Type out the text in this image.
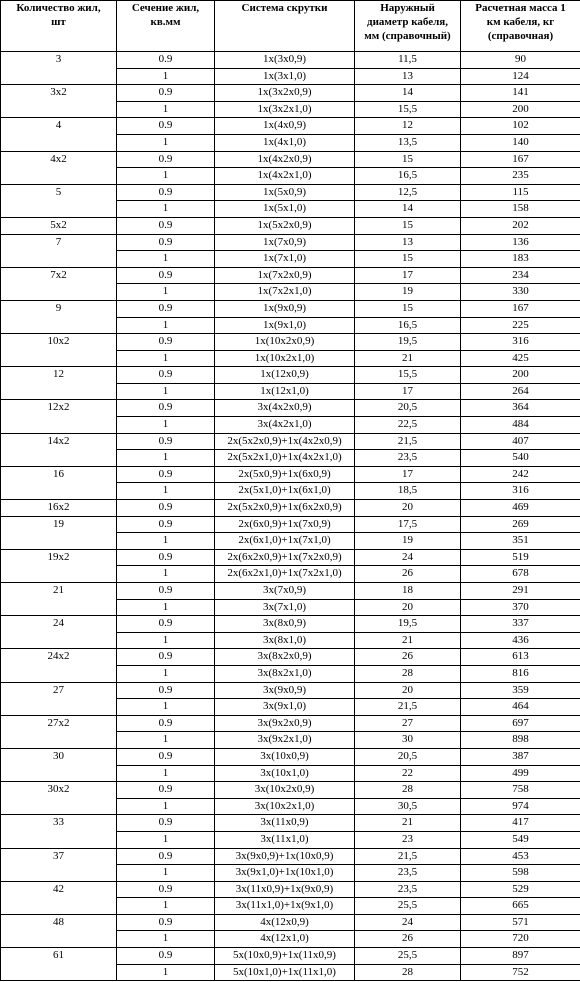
Количество жил,
шт	Сечение жил,
кв.мм	Система скрутки	Наружный
диаметр кабеля,
мм (справочный)	Расчетная масса 1
км кабеля, кг
(справочная)
3	0.9	1x(3x0,9)	11,5	90
	1	1x(3x1,0)	13	124
3x2	0.9	1x(3x2x0,9)	14	141
	1	1x(3x2x1,0)	15,5	200
4	0.9	1x(4x0,9)	12	102
	1	1x(4x1,0)	13,5	140
4x2	0.9	1x(4x2x0,9)	15	167
	1	1x(4x2x1,0)	16,5	235
5	0.9	1x(5x0,9)	12,5	115
	1	1x(5x1,0)	14	158
5x2	0.9	1x(5x2x0,9)	15	202
7	0.9	1x(7x0,9)	13	136
	1	1x(7x1,0)	15	183
7x2	0.9	1x(7x2x0,9)	17	234
	1	1x(7x2x1,0)	19	330
9	0.9	1x(9x0,9)	15	167
	1	1x(9x1,0)	16,5	225
10x2	0.9	1x(10x2x0,9)	19,5	316
	1	1x(10x2x1,0)	21	425
12	0.9	1x(12x0,9)	15,5	200
	1	1x(12x1,0)	17	264
12x2	0.9	3x(4x2x0,9)	20,5	364
	1	3x(4x2x1,0)	22,5	484
14x2	0.9	2x(5x2x0,9)+1x(4x2x0,9)	21,5	407
	1	2x(5x2x1,0)+1x(4x2x1,0)	23,5	540
16	0.9	2x(5x0,9)+1x(6x0,9)	17	242
	1	2x(5x1,0)+1x(6x1,0)	18,5	316
16x2	0.9	2x(5x2x0,9)+1x(6x2x0,9)	20	469
19	0.9	2x(6x0,9)+1x(7x0,9)	17,5	269
	1	2x(6x1,0)+1x(7x1,0)	19	351
19x2	0.9	2x(6x2x0,9)+1x(7x2x0,9)	24	519
	1	2x(6x2x1,0)+1x(7x2x1,0)	26	678
21	0.9	3x(7x0,9)	18	291
	1	3x(7x1,0)	20	370
24	0.9	3x(8x0,9)	19,5	337
	1	3x(8x1,0)	21	436
24x2	0.9	3x(8x2x0,9)	26	613
	1	3x(8x2x1,0)	28	816
27	0.9	3x(9x0,9)	20	359
	1	3x(9x1,0)	21,5	464
27x2	0.9	3x(9x2x0,9)	27	697
	1	3x(9x2x1,0)	30	898
30	0.9	3x(10x0,9)	20,5	387
	1	3x(10x1,0)	22	499
30x2	0.9	3x(10x2x0,9)	28	758
	1	3x(10x2x1,0)	30,5	974
33	0.9	3x(11x0,9)	21	417
	1	3x(11x1,0)	23	549
37	0.9	3x(9x0,9)+1x(10x0,9)	21,5	453
	1	3x(9x1,0)+1x(10x1,0)	23,5	598
42	0.9	3x(11x0,9)+1x(9x0,9)	23,5	529
	1	3x(11x1,0)+1x(9x1,0)	25,5	665
48	0.9	4x(12x0,9)	24	571
	1	4x(12x1,0)	26	720
61	0.9	5x(10x0,9)+1x(11x0,9)	25,5	897
	1	5x(10x1,0)+1x(11x1,0)	28	752
